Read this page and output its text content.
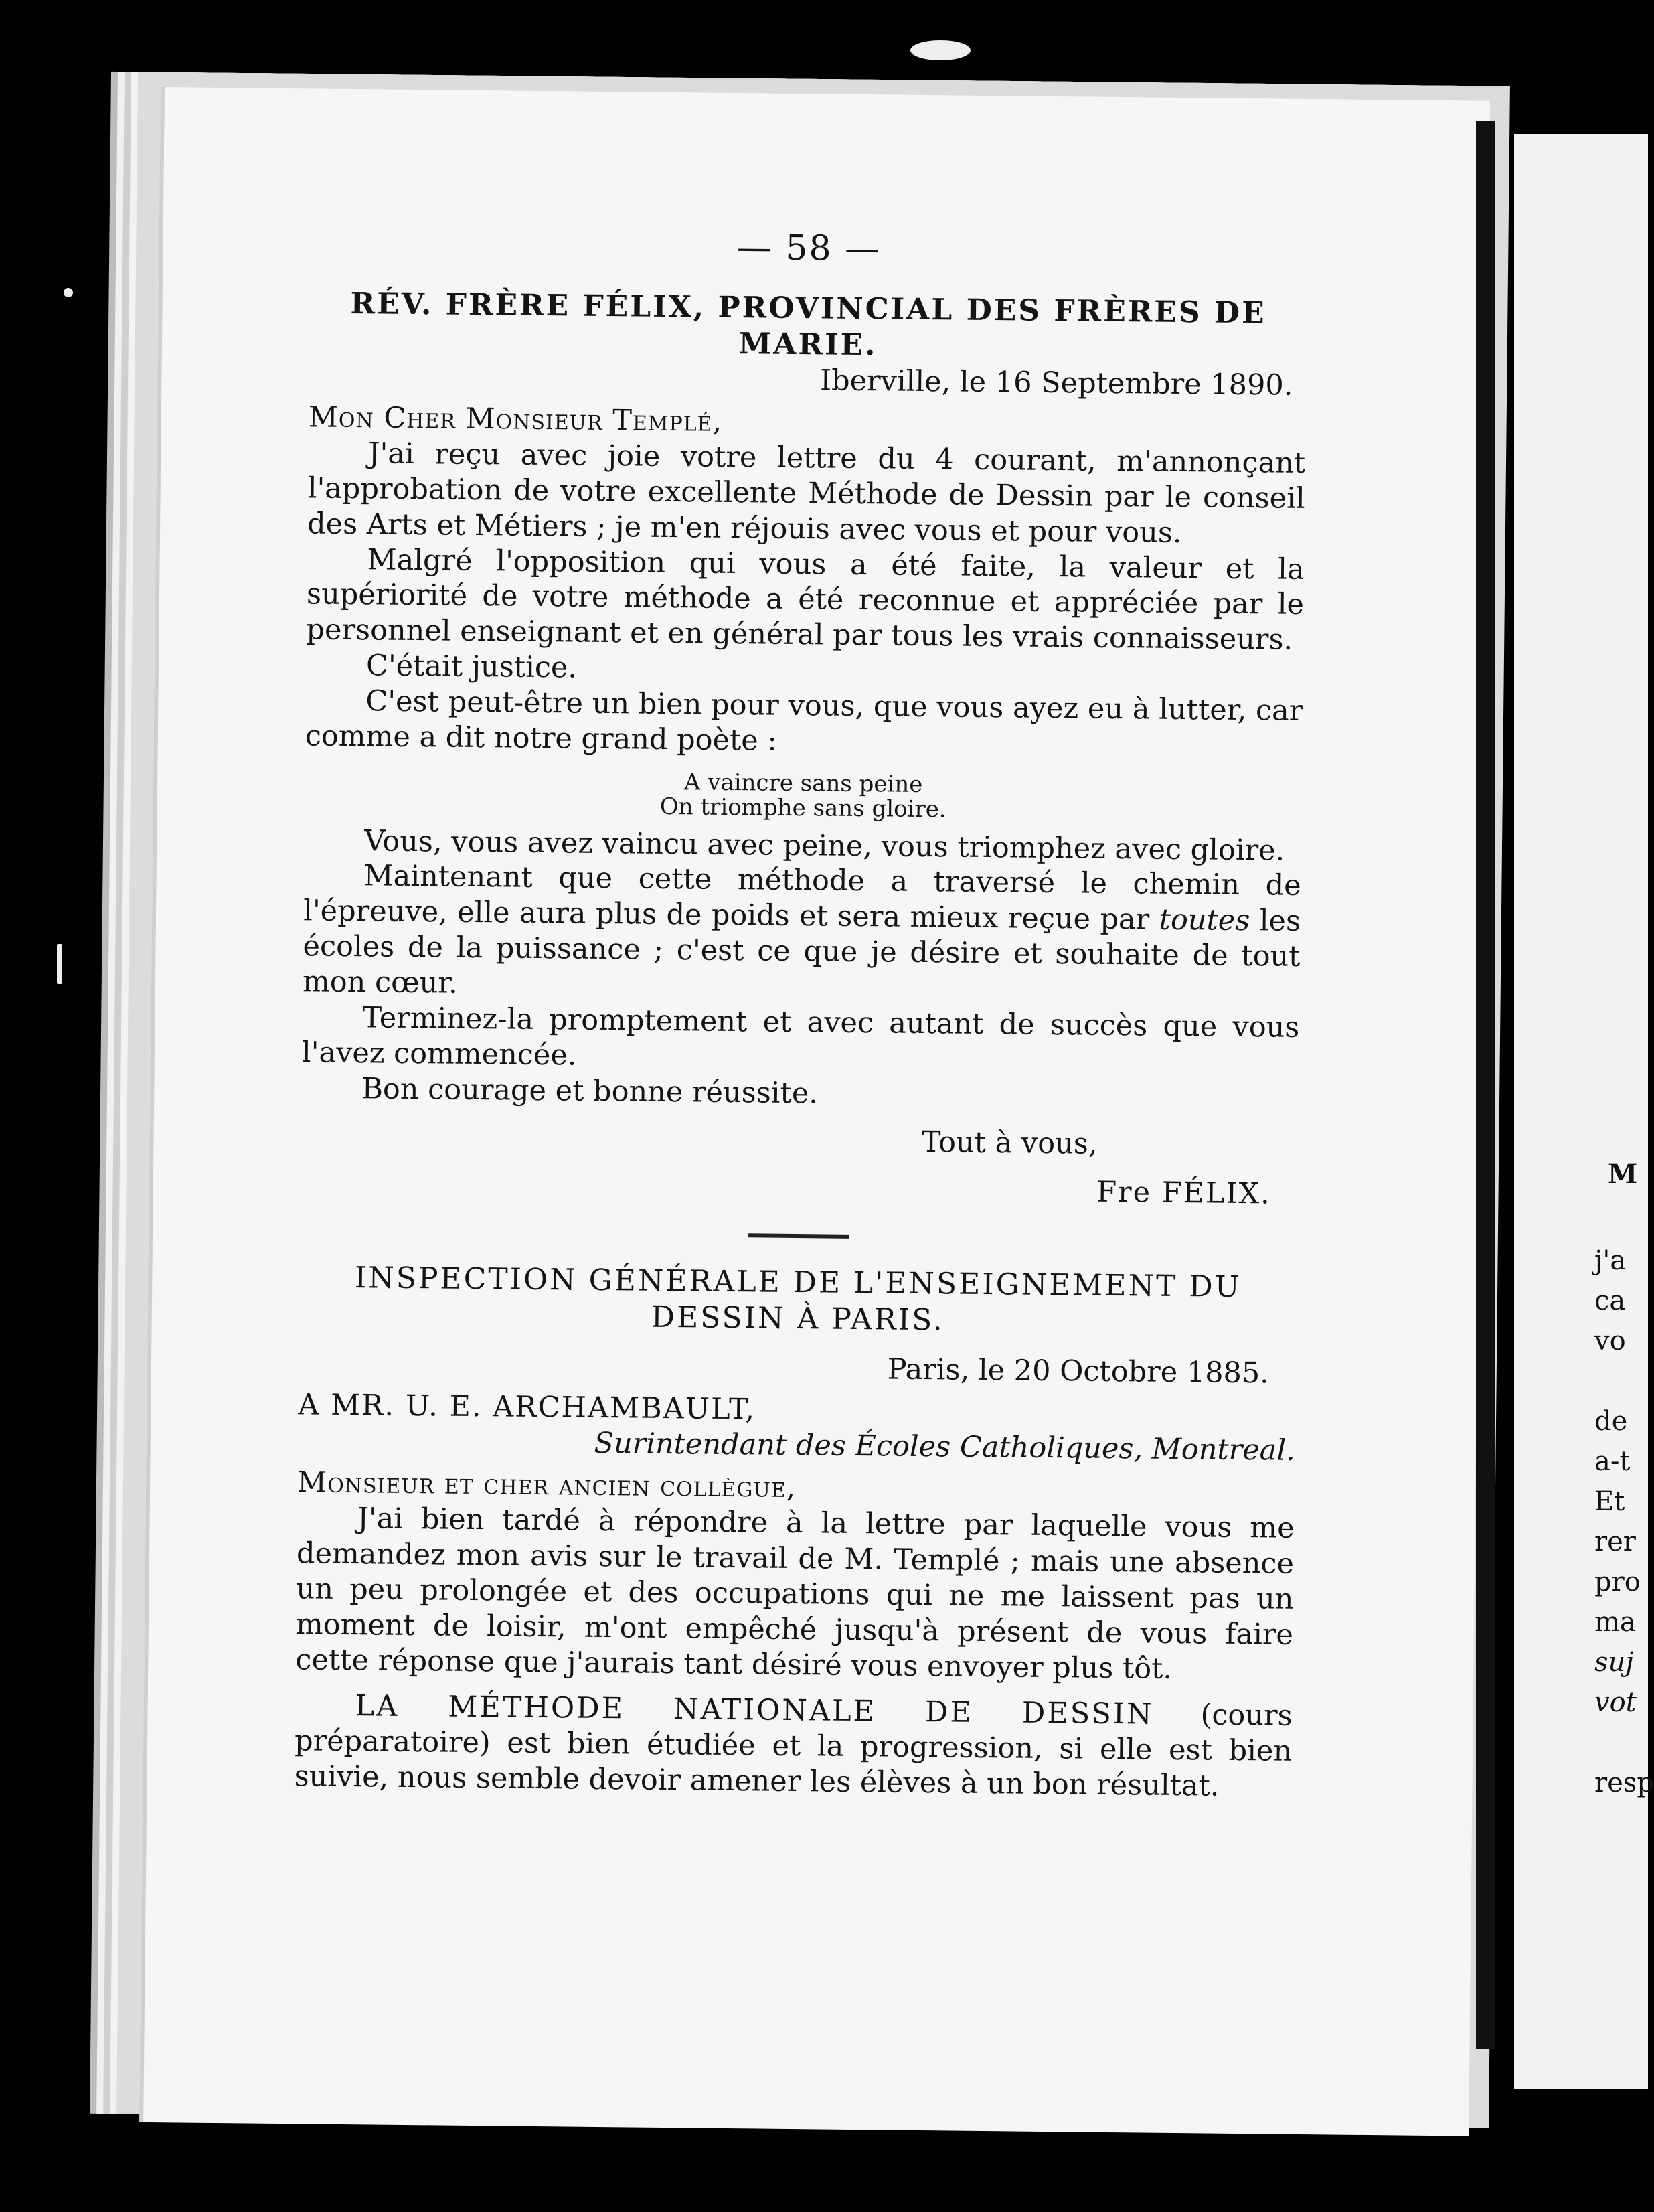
— 58 —
RÉV. FRÈRE FÉLIX, PROVINCIAL DES FRÈRES DE MARIE.
Iberville, le 16 Septembre 1890.
Mon Cher Monsieur Templé,

J'ai reçu avec joie votre lettre du 4 courant, m'annonçant l'approbation de votre excellente Méthode de Dessin par le conseil des Arts et Métiers ; je m'en réjouis avec vous et pour vous.

Malgré l'opposition qui vous a été faite, la valeur et la supériorité de votre méthode a été reconnue et appréciée par le personnel enseignant et en général par tous les vrais connaisseurs.

C'était justice.

C'est peut-être un bien pour vous, que vous ayez eu à lutter, car comme a dit notre grand poète :

A vaincre sans peine
On triomphe sans gloire.

Vous, vous avez vaincu avec peine, vous triomphez avec gloire.

Maintenant que cette méthode a traversé le chemin de l'épreuve, elle aura plus de poids et sera mieux reçue par toutes les écoles de la puissance ; c'est ce que je désire et souhaite de tout mon cœur.

Terminez-la promptement et avec autant de succès que vous l'avez commencée.

Bon courage et bonne réussite.

Tout à vous,
Fre FÉLIX.
INSPECTION GÉNÉRALE DE L'ENSEIGNEMENT DU
DESSIN À PARIS.
Paris, le 20 Octobre 1885.
A MR. U. E. ARCHAMBAULT,
Surintendant des Écoles Catholiques, Montreal.
Monsieur et cher ancien collègue,

J'ai bien tardé à répondre à la lettre par laquelle vous me demandez mon avis sur le travail de M. Templé ; mais une absence un peu prolongée et des occupations qui ne me laissent pas un moment de loisir, m'ont empêché jusqu'à présent de vous faire cette réponse que j'aurais tant désiré vous envoyer plus tôt.

LA MÉTHODE NATIONALE DE DESSIN (cours préparatoire) est bien étudiée et la progression, si elle est bien suivie, nous semble devoir amener les élèves à un bon résultat.

M
j'a
ca
vo
de
a-t
Et
rer
pro
ma
suj
vot
resp
